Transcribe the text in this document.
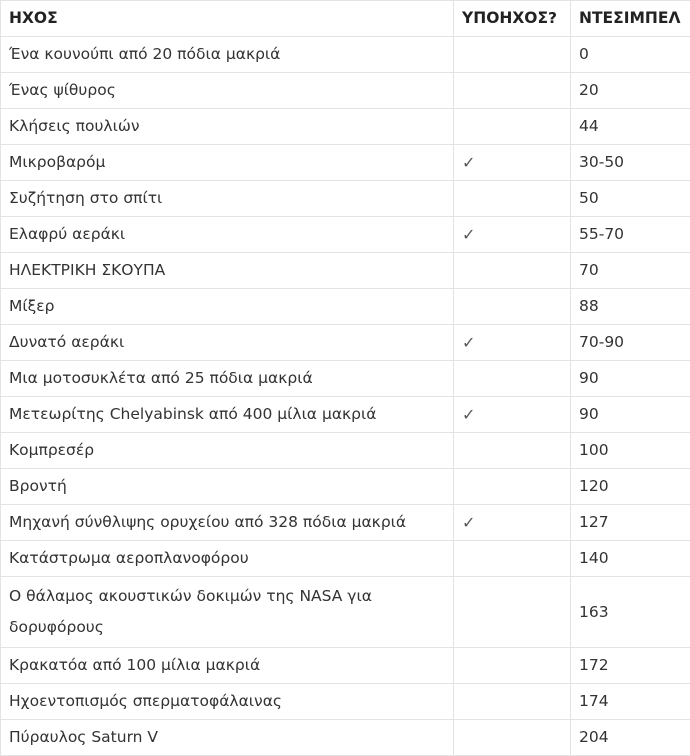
ΗΧΟΣ	ΥΠΟΗΧΟΣ?	ΝΤΕΣΙΜΠΕΛ
Ένα κουνούπι από 20 πόδια μακριά		0
Ένας ψίθυρος		20
Κλήσεις πουλιών		44
Μικροβαρόμ	✓	30-50
Συζήτηση στο σπίτι		50
Ελαφρύ αεράκι	✓	55-70
ΗΛΕΚΤΡΙΚΗ ΣΚΟΥΠΑ		70
Μίξερ		88
Δυνατό αεράκι	✓	70-90
Μια μοτοσυκλέτα από 25 πόδια μακριά		90
Μετεωρίτης Chelyabinsk από 400 μίλια μακριά	✓	90
Κομπρεσέρ		100
Βροντή		120
Μηχανή σύνθλιψης ορυχείου από 328 πόδια μακριά	✓	127
Κατάστρωμα αεροπλανοφόρου		140
Ο θάλαμος ακουστικών δοκιμών της NASA για δορυφόρους		163
Κρακατόα από 100 μίλια μακριά		172
Ηχοεντοπισμός σπερματοφάλαινας		174
Πύραυλος Saturn V		204
